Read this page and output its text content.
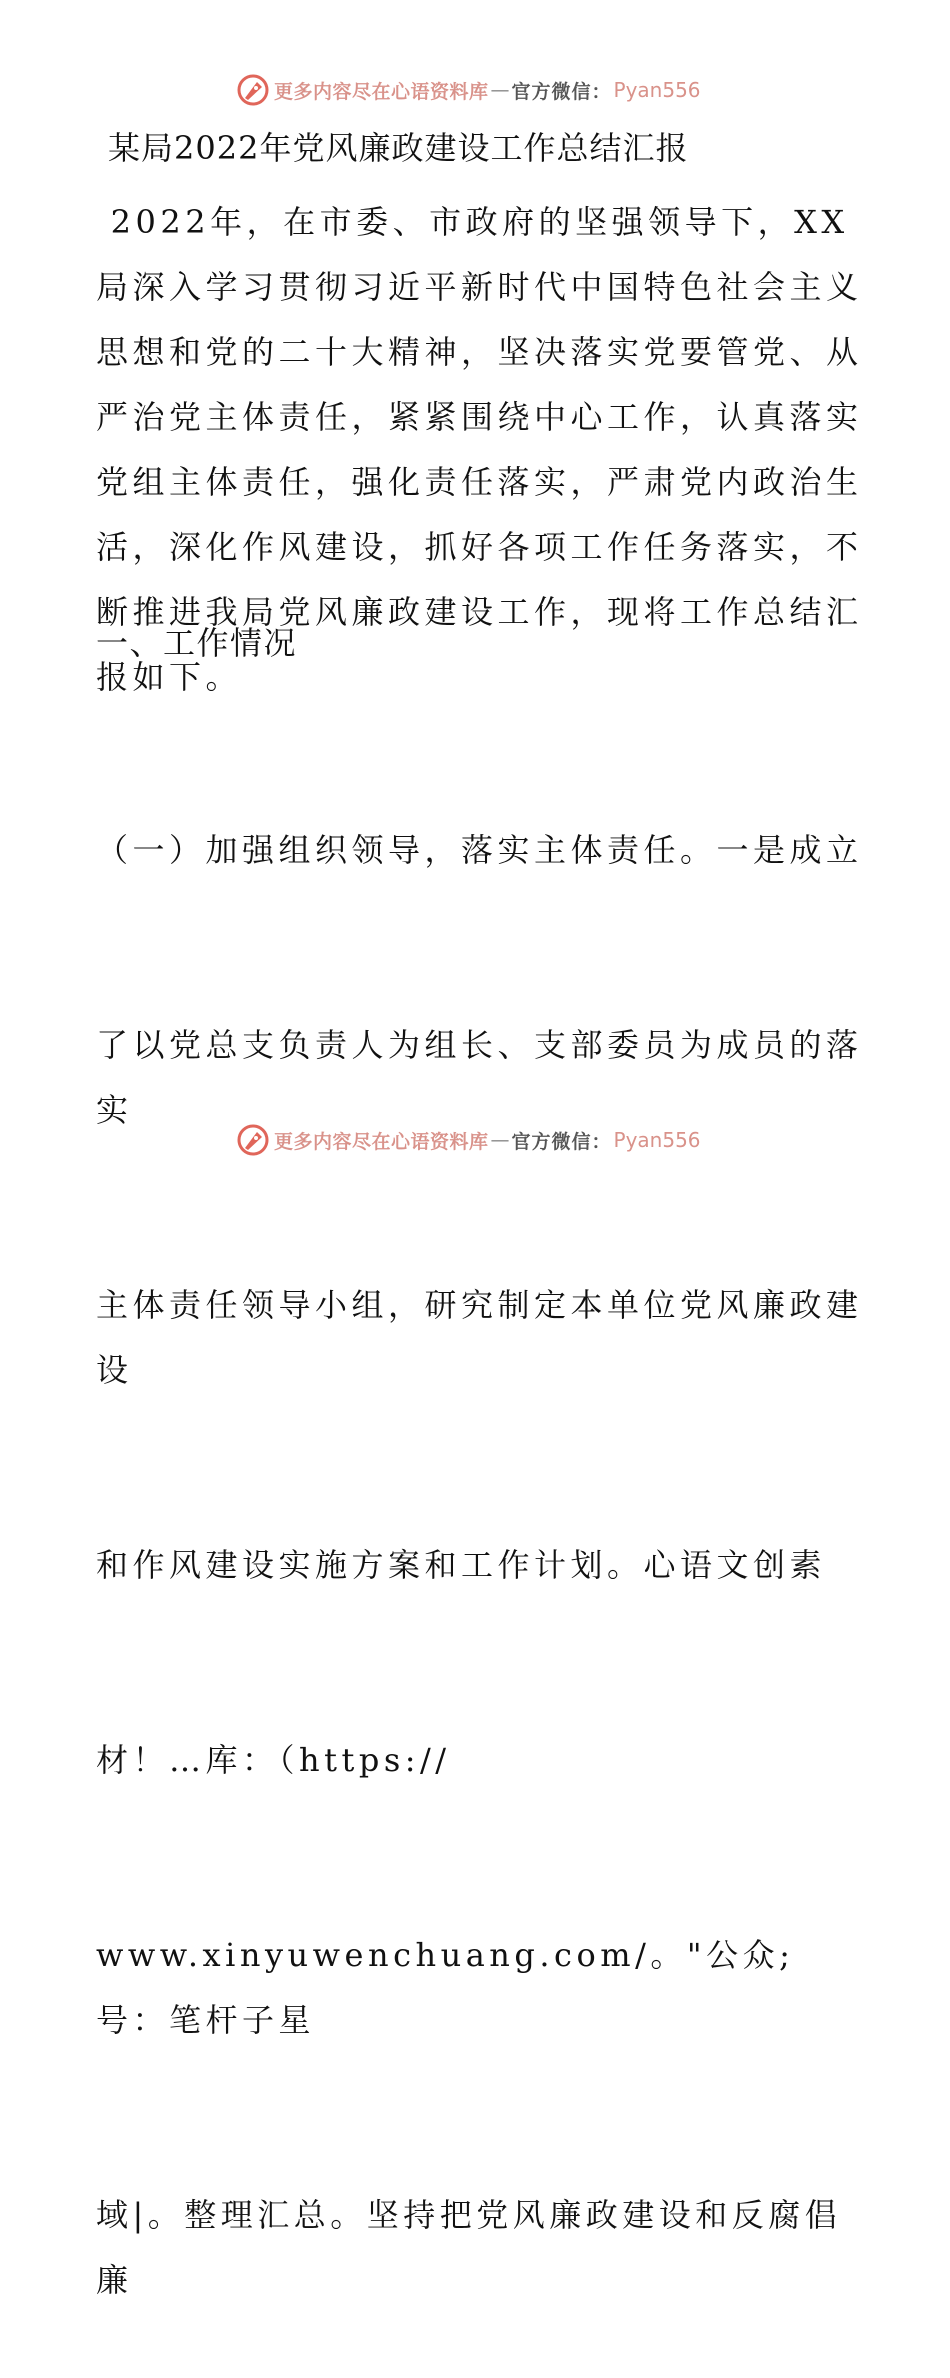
更多内容尽在心语资料库 — 官方微信： Pyan556
某局2022年党风廉政建设工作总结汇报
2022年，在市委、市政府的坚强领导下，XX局深入学习贯彻习近平新时代中国特色社会主义思想和党的二十大精神，坚决落实党要管党、从严治党主体责任，紧紧围绕中心工作，认真落实党组主体责任，强化责任落实，严肃党内政治生活，深化作风建设，抓好各项工作任务落实，不断推进我局党风廉政建设工作，现将工作总结汇报如下。
一、工作情况

（一）加强组织领导，落实主体责任。一是成立

了以党总支负责人为组长、支部委员为成员的落实

主体责任领导小组，研究制定本单位党风廉政建设

和作风建设实施方案和工作计划。心语文创素

材！…库：（https://

www.xinyuwenchuang.com/。"公众;号：笔杆子星

域|。整理汇总。坚持把党风廉政建设和反腐倡廉

更多内容尽在心语资料库 — 官方微信： Pyan556
